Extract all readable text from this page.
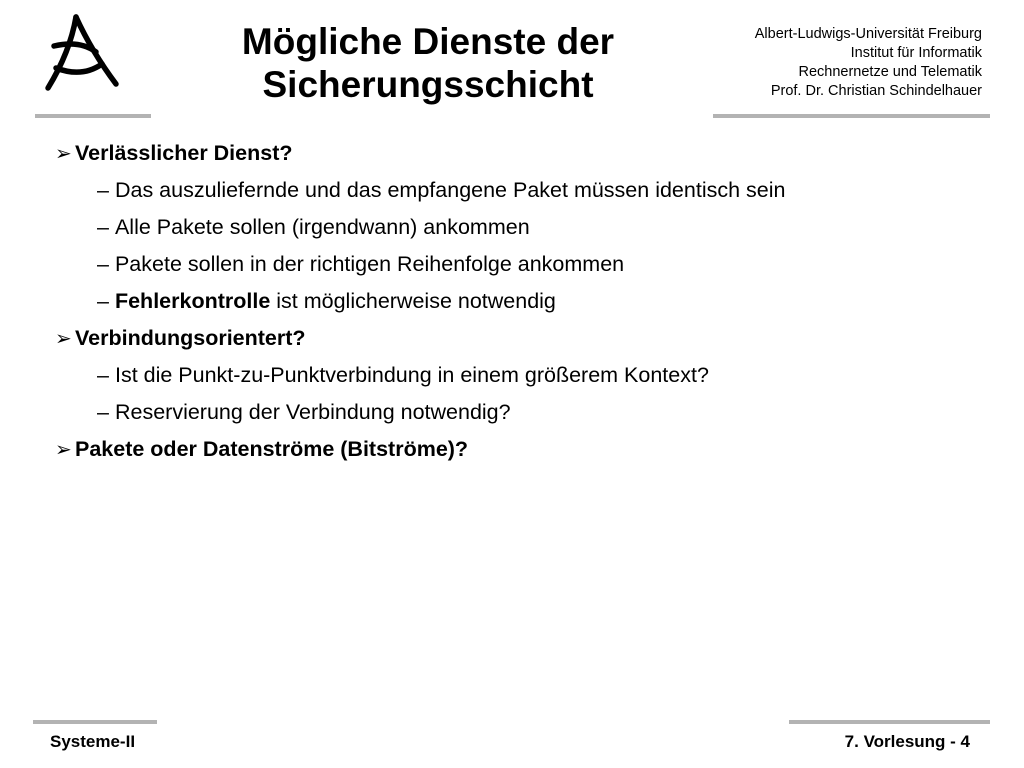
Mögliche Dienste der
Sicherungsschicht
Albert-Ludwigs-Universität Freiburg
Institut für Informatik
Rechnernetze und Telematik
Prof. Dr. Christian Schindelhauer
➢ Verlässlicher Dienst?
– Das auszuliefernde und das empfangene Paket müssen identisch sein
– Alle Pakete sollen (irgendwann) ankommen
– Pakete sollen in der richtigen Reihenfolge ankommen
– Fehlerkontrolle ist möglicherweise notwendig
➢ Verbindungsorientert?
– Ist die Punkt-zu-Punktverbindung in einem größerem Kontext?
– Reservierung der Verbindung notwendig?
➢ Pakete oder Datenströme (Bitströme)?
Systeme-II	7. Vorlesung - 4
